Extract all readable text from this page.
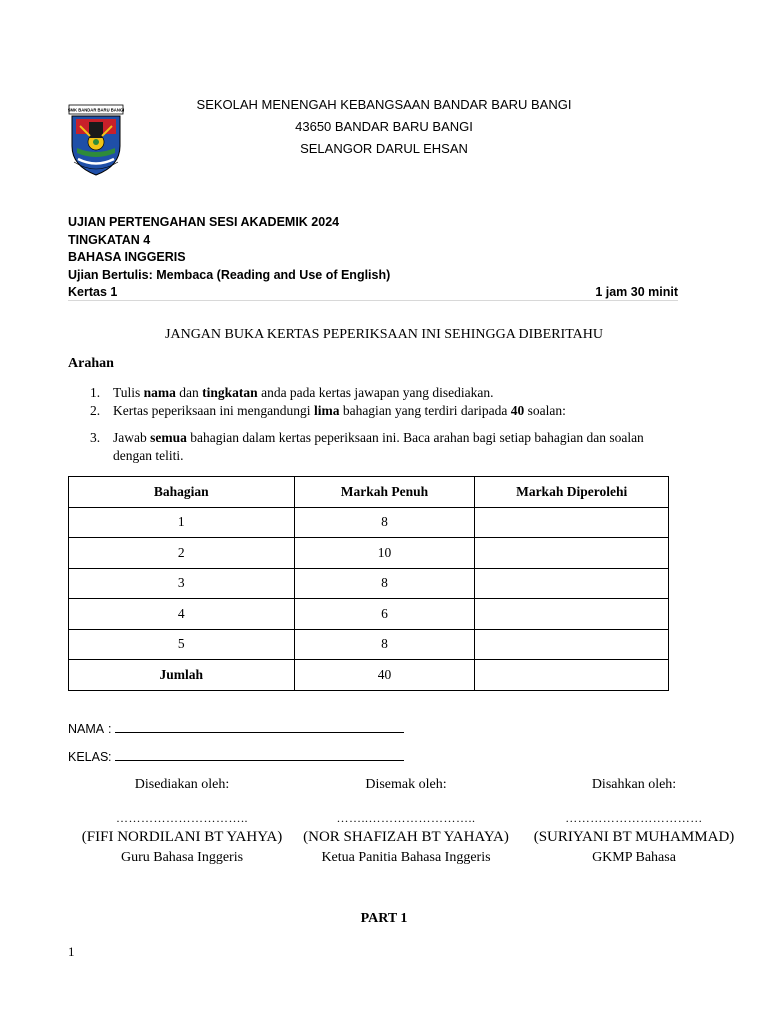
SEKOLAH MENENGAH KEBANGSAAN BANDAR BARU BANGI
43650 BANDAR BARU BANGI
SELANGOR DARUL EHSAN
SMK BANDAR BARU BANGI
UJIAN PERTENGAHAN SESI AKADEMIK 2024
TINGKATAN 4
BAHASA INGGERIS
Ujian Bertulis: Membaca (Reading and Use of English)
Kertas 1	1 jam 30 minit
JANGAN BUKA KERTAS PEPERIKSAAN INI SEHINGGA DIBERITAHU
Arahan
1. Tulis nama dan tingkatan anda pada kertas jawapan yang disediakan.
2. Kertas peperiksaan ini mengandungi lima bahagian yang terdiri daripada 40 soalan:
3. Jawab semua bahagian dalam kertas peperiksaan ini. Baca arahan bagi setiap bahagian dan soalan dengan teliti.
Bahagian	Markah Penuh	Markah Diperolehi
1	8	
2	10	
3	8	
4	6	
5	8	
Jumlah	40	
NAMA :
KELAS:
Disediakan oleh:
…………………………..
(FIFI NORDILANI BT YAHYA)
Guru Bahasa Inggeris
Disemak oleh:
……..……………………..
(NOR SHAFIZAH BT YAHAYA)
Ketua Panitia Bahasa Inggeris
Disahkan oleh:
……………………………
(SURIYANI BT MUHAMMAD)
GKMP Bahasa
PART 1
1
